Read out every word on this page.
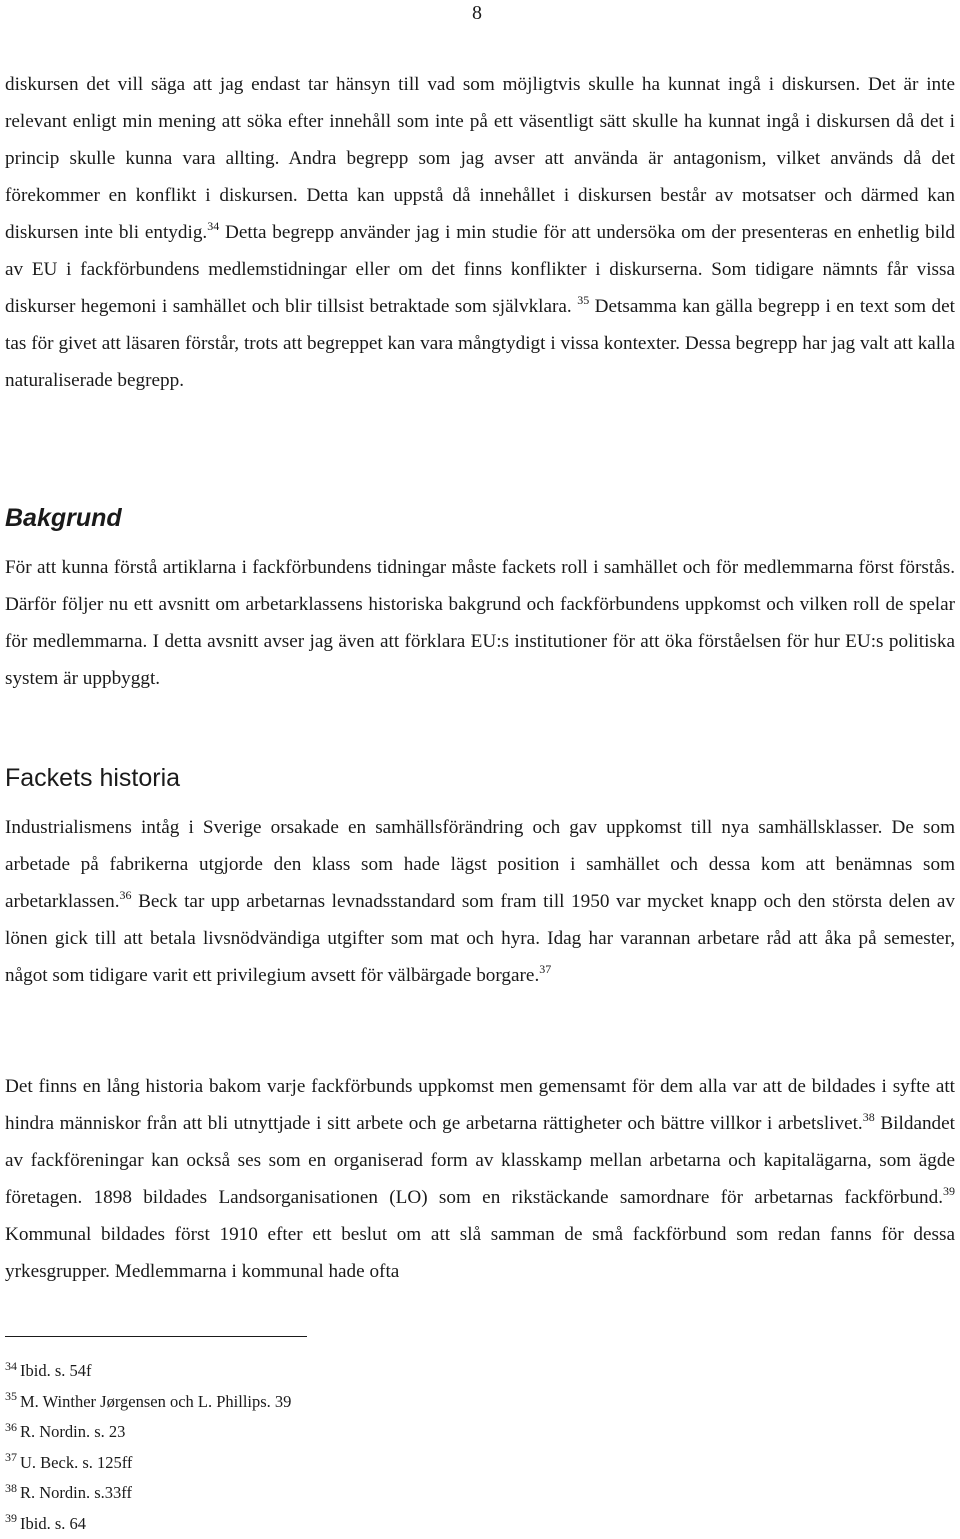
8

diskursen det vill säga att jag endast tar hänsyn till vad som möjligtvis skulle ha kunnat ingå i diskursen. Det är inte relevant enligt min mening att söka efter innehåll som inte på ett väsentligt sätt skulle ha kunnat ingå i diskursen då det i princip skulle kunna vara allting. Andra begrepp som jag avser att använda är antagonism, vilket används då det förekommer en konflikt i diskursen. Detta kan uppstå då innehållet i diskursen består av motsatser och därmed kan diskursen inte bli entydig.$^{34}$ Detta begrepp använder jag i min studie för att undersöka om der presenteras en enhetlig bild av EU i fackförbundens medlemstidningar eller om det finns konflikter i diskurserna. Som tidigare nämnts får vissa diskurser hegemoni i samhället och blir tillsist betraktade som självklara. $^{35}$ Detsamma kan gälla begrepp i en text som det tas för givet att läsaren förstår, trots att begreppet kan vara mångtydigt i vissa kontexter. Dessa begrepp har jag valt att kalla naturaliserade begrepp.

Bakgrund

För att kunna förstå artiklarna i fackförbundens tidningar måste fackets roll i samhället och för medlemmarna först förstås. Därför följer nu ett avsnitt om arbetarklassens historiska bakgrund och fackförbundens uppkomst och vilken roll de spelar för medlemmarna. I detta avsnitt avser jag även att förklara EU:s institutioner för att öka förståelsen för hur EU:s politiska system är uppbyggt.

Fackets historia

Industrialismens intåg i Sverige orsakade en samhällsförändring och gav uppkomst till nya samhällsklasser. De som arbetade på fabrikerna utgjorde den klass som hade lägst position i samhället och dessa kom att benämnas som arbetarklassen.$^{36}$ Beck tar upp arbetarnas levnadsstandard som fram till 1950 var mycket knapp och den största delen av lönen gick till att betala livsnödvändiga utgifter som mat och hyra. Idag har varannan arbetare råd att åka på semester, något som tidigare varit ett privilegium avsett för välbärgade borgare.$^{37}$

Det finns en lång historia bakom varje fackförbunds uppkomst men gemensamt för dem alla var att de bildades i syfte att hindra människor från att bli utnyttjade i sitt arbete och ge arbetarna rättigheter och bättre villkor i arbetslivet.$^{38}$ Bildandet av fackföreningar kan också ses som en organiserad form av klasskamp mellan arbetarna och kapitalägarna, som ägde företagen. 1898 bildades Landsorganisationen (LO) som en rikstäckande samordnare för arbetarnas fackförbund.$^{39}$ Kommunal bildades först 1910 efter ett beslut om att slå samman de små fackförbund som redan fanns för dessa yrkesgrupper. Medlemmarna i kommunal hade ofta

$^{34}$ Ibid. s. 54f
$^{35}$ M. Winther Jørgensen och L. Phillips. 39
$^{36}$ R. Nordin. s. 23
$^{37}$ U. Beck. s. 125ff
$^{38}$ R. Nordin. s.33ff
$^{39}$ Ibid. s. 64
